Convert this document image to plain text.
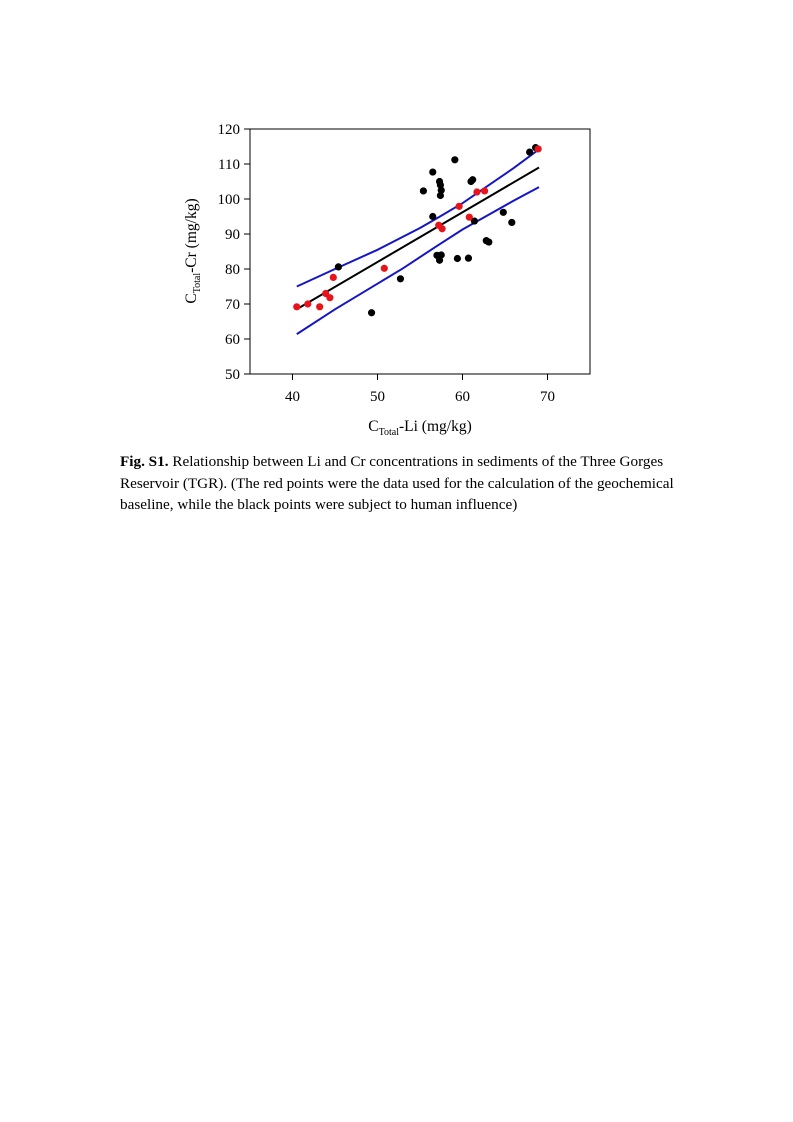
40	50	60	70
50
60
70
80
90
100
110
120
$C_{Total}-Li$ (mg/kg)
$C_{Total}-Cr$ (mg/kg)
Fig. S1. Relationship between Li and Cr concentrations in sediments of the Three Gorges Reservoir (TGR). (The red points were the data used for the calculation of the geochemical baseline, while the black points were subject to human influence)
